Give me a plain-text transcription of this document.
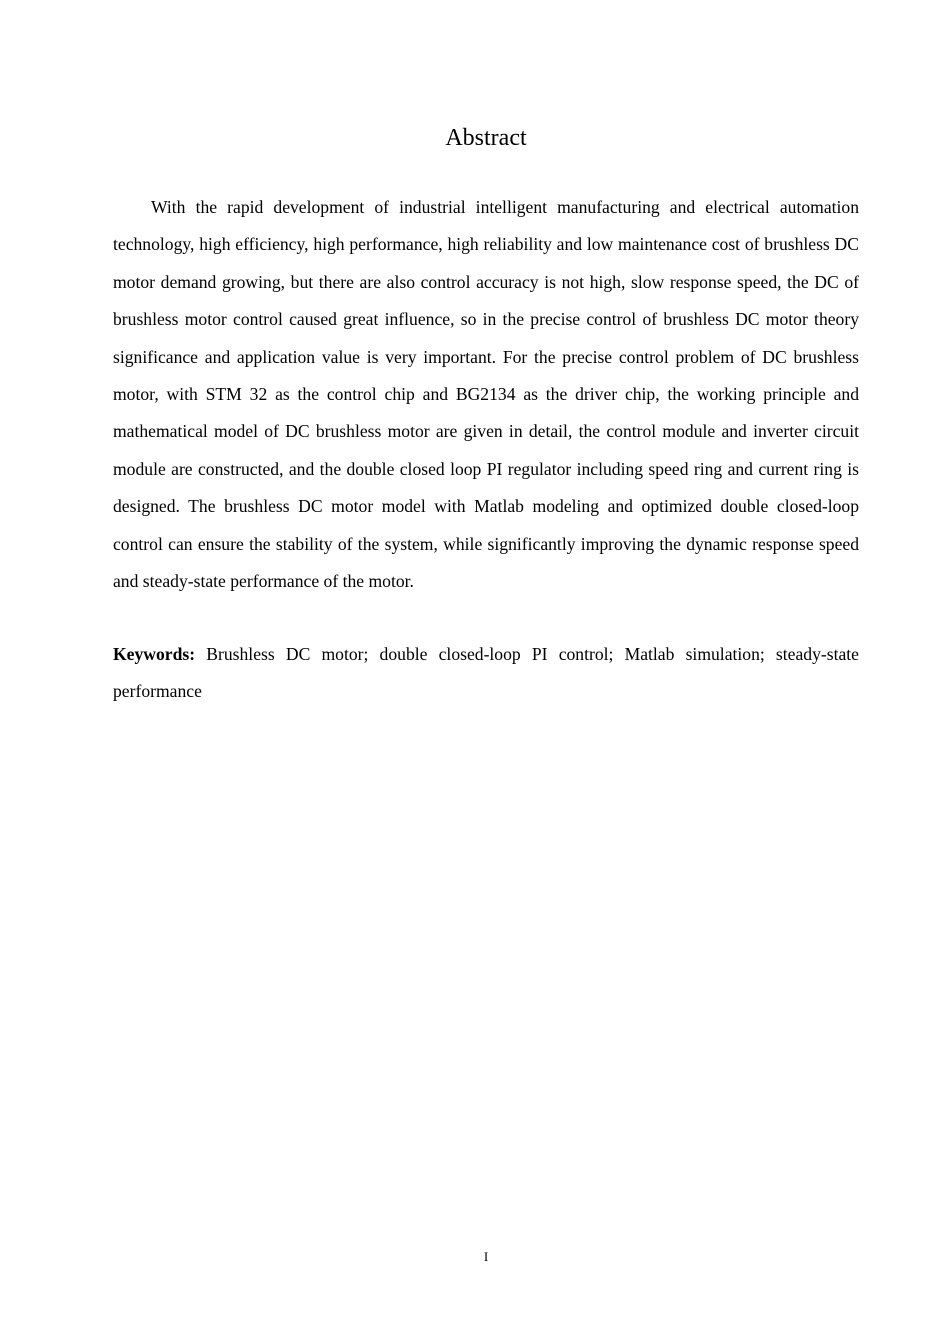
Abstract

With the rapid development of industrial intelligent manufacturing and electrical automation technology, high efficiency, high performance, high reliability and low maintenance cost of brushless DC motor demand growing, but there are also control accuracy is not high, slow response speed, the DC of brushless motor control caused great influence, so in the precise control of brushless DC motor theory significance and application value is very important. For the precise control problem of DC brushless motor, with STM 32 as the control chip and BG2134 as the driver chip, the working principle and mathematical model of DC brushless motor are given in detail, the control module and inverter circuit module are constructed, and the double closed loop PI regulator including speed ring and current ring is designed. The brushless DC motor model with Matlab modeling and optimized double closed-loop control can ensure the stability of the system, while significantly improving the dynamic response speed and steady-state performance of the motor.

Keywords: Brushless DC motor; double closed-loop PI control; Matlab simulation; steady-state performance

I
